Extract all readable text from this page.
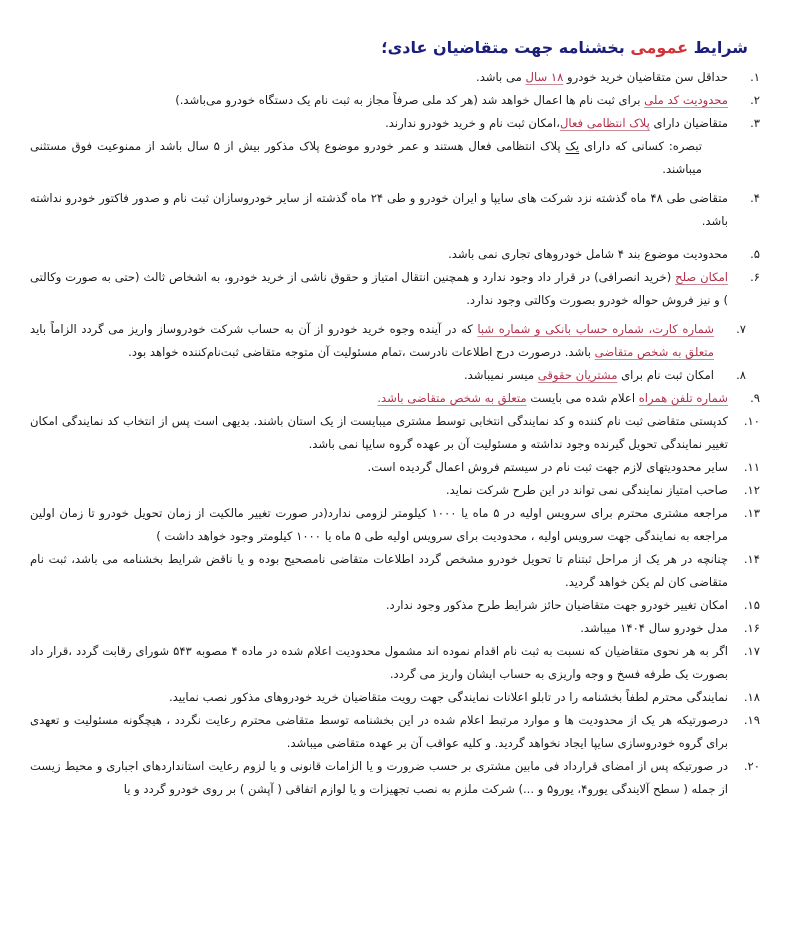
شرایط عمومی بخشنامه جهت متقاضیان عادی؛
۱.
حداقل سن متقاضیان خرید خودرو ۱۸ سال می باشد.
۲.
محدودیت کد ملی برای ثبت نام ها اعمال خواهد شد (هر کد ملی صرفاً مجاز به ثبت نام یک دستگاه خودرو می‌باشد.)
۳.
متقاضیان دارای پلاک انتظامی فعال،امکان ثبت نام و خرید خودرو ندارند.
تبصره: کسانی که دارای یک پلاک انتظامی فعال هستند و عمر خودرو موضوع پلاک مذکور بیش از ۵ سال باشد از ممنوعیت فوق مستثنی میباشند.
۴.
متقاضی طی ۴۸ ماه گذشته نزد شرکت های سایپا و ایران خودرو و طی ۲۴ ماه گذشته از سایر خودروسازان ثبت نام و صدور فاکتور خودرو نداشته باشد.
۵.
محدودیت موضوع بند ۴ شامل خودروهای تجاری نمی باشد.
۶.
امکان صلح (خرید انصرافی) در قرار داد وجود ندارد و همچنین انتقال امتیاز و حقوق ناشی از خرید خودرو، به اشخاص ثالث (حتی به صورت وکالتی ) و نیز فروش حواله خودرو بصورت وکالتی وجود ندارد.
۷.
شماره کارت، شماره حساب بانکی و شماره شبا که در آینده وجوه خرید خودرو از آن به حساب شرکت خودروساز واریز می گردد الزاماً باید متعلق به شخص متقاضی باشد. درصورت درج اطلاعات نادرست ،تمام مسئولیت آن متوجه متقاضی ثبت‌نام‌کننده خواهد بود.
۸.
امکان ثبت نام برای مشتریان حقوقی میسر نمیباشد.
۹.
شماره تلفن همراه اعلام شده می بایست متعلق به شخص متقاضی باشد.
۱۰.
کدپستی متقاضی ثبت نام کننده و کد نمایندگی انتخابی توسط مشتری میبایست از یک استان باشند. بدیهی است پس از انتخاب کد نمایندگی امکان تغییر نمایندگی تحویل گیرنده وجود نداشته و مسئولیت آن بر عهده گروه سایپا نمی باشد.
۱۱.
سایر محدودیتهای لازم جهت ثبت نام در سیستم فروش اعمال گردیده است.
۱۲.
صاحب امتیاز نمایندگی نمی تواند در این طرح شرکت نماید.
۱۳.
مراجعه مشتری محترم برای سرویس اولیه در ۵ ماه یا ۱۰۰۰ کیلومتر لزومی ندارد(در صورت تغییر مالکیت از زمان تحویل خودرو تا زمان اولین مراجعه به نمایندگی جهت سرویس اولیه ، محدودیت برای سرویس اولیه طی ۵ ماه یا ۱۰۰۰ کیلومتر وجود خواهد داشت )
۱۴.
چنانچه در هر یک از مراحل ثبتنام تا تحویل خودرو مشخص گردد اطلاعات متقاضی نامصحیح بوده و یا ناقض شرایط بخشنامه می باشد، ثبت نام متقاضی کان لم یکن خواهد گردید.
۱۵.
امکان تغییر خودرو جهت متقاضیان حائز شرایط طرح مذکور وجود ندارد.
۱۶.
مدل خودرو سال ۱۴۰۴ میباشد.
۱۷.
اگر به هر نحوی متقاضیان که نسبت به ثبت نام اقدام نموده اند مشمول محدودیت اعلام شده در ماده ۴ مصوبه ۵۴۳ شورای رقابت گردد ،قرار داد بصورت یک طرفه فسخ و وجه واریزی به حساب ایشان واریز می گردد.
۱۸.
نمایندگی محترم لطفاً بخشنامه را در تابلو اعلانات نمایندگی جهت رویت متقاضیان خرید خودروهای مذکور نصب نمایید.
۱۹.
درصورتیکه هر یک از محدودیت ها و موارد مرتبط اعلام شده در این بخشنامه توسط متقاضی محترم رعایت نگردد ، هیچگونه مسئولیت و تعهدی برای گروه خودروسازی سایپا ایجاد نخواهد گردید. و کلیه عواقب آن بر عهده متقاضی میباشد.
۲۰.
در صورتیکه پس از امضای قرارداد فی مابین مشتری بر حسب ضرورت و یا الزامات قانونی و یا لزوم رعایت استانداردهای اجباری و محیط زیست از جمله ( سطح آلایندگی یورو۴، یورو۵ و ...) شرکت ملزم به نصب تجهیزات و یا لوازم اتفاقی ( آپشن ) بر روی خودرو گردد و یا
